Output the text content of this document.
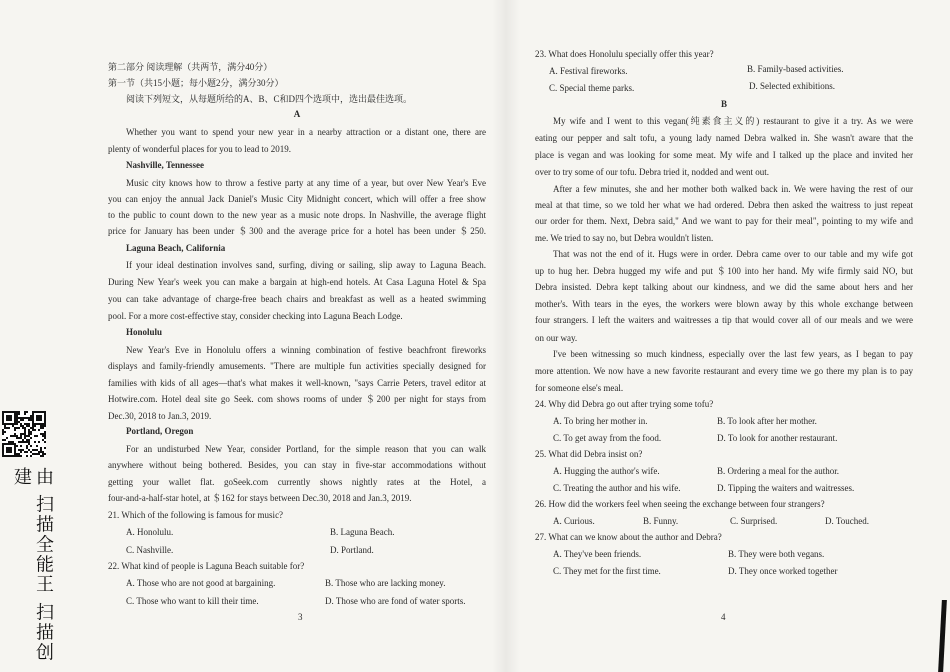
由 扫描全能王 扫描创建
第二部分 阅读理解（共两节，满分40分）
第一节（共15小题；每小题2分，满分30分）
阅读下列短文，从每题所给的A、B、C和D四个选项中，选出最佳选项。
A
Whether you want to spend your new year in a nearby attraction or a distant one, there are
plenty of wonderful places for you to lead to 2019.
Nashville, Tennessee
Music city knows how to throw a festive party at any time of a year, but over New Year's Eve
you can enjoy the annual Jack Daniel's Music City Midnight concert, which will offer a free show
to the public to count down to the new year as a music note drops. In Nashville, the average flight
price for January has been under ＄300 and the average price for a hotel has been under ＄250.
Laguna Beach, California
If your ideal destination involves sand, surfing, diving or sailing, slip away to Laguna Beach.
During New Year's week you can make a bargain at high-end hotels. At Casa Laguna Hotel & Spa
you can take advantage of charge-free beach chairs and breakfast as well as a heated swimming
pool. For a more cost-effective stay, consider checking into Laguna Beach Lodge.
Honolulu
New Year's Eve in Honolulu offers a winning combination of festive beachfront fireworks
displays and family-friendly amusements. "There are multiple fun activities specially designed for
families with kids of all ages—that's what makes it well-known, "says Carrie Peters, travel editor at
Hotwire.com. Hotel deal site go Seek. com shows rooms of under ＄200 per night for stays from
Dec.30, 2018 to Jan.3, 2019.
Portland, Oregon
For an undisturbed New Year, consider Portland, for the simple reason that you can walk
anywhere without being bothered. Besides, you can stay in five-star accommodations without
getting your wallet flat. goSeek.com currently shows nightly rates at the Hotel, a
four-and-a-half-star hotel, at ＄162 for stays between Dec.30, 2018 and Jan.3, 2019.
21. Which of the following is famous for music?
A. Honolulu.	B. Laguna Beach.
C. Nashville.	D. Portland.
22. What kind of people is Laguna Beach suitable for?
A. Those who are not good at bargaining.	B. Those who are lacking money.
C. Those who want to kill their time.	D. Those who are fond of water sports.
3
23. What does Honolulu specially offer this year?
A. Festival fireworks.	B. Family-based activities.
C. Special theme parks.	D. Selected exhibitions.
B
My wife and I went to this vegan(纯素食主义的) restaurant to give it a try. As we were
eating our pepper and salt tofu, a young lady named Debra walked in. She wasn't aware that the
place is vegan and was looking for some meat. My wife and I talked up the place and invited her
over to try some of our tofu. Debra tried it, nodded and went out.
After a few minutes, she and her mother both walked back in. We were having the rest of our
meal at that time, so we told her what we had ordered. Debra then asked the waitress to just repeat
our order for them. Next, Debra said," And we want to pay for their meal", pointing to my wife and
me. We tried to say no, but Debra wouldn't listen.
That was not the end of it. Hugs were in order. Debra came over to our table and my wife got
up to hug her. Debra hugged my wife and put ＄100 into her hand. My wife firmly said NO, but
Debra insisted. Debra kept talking about our kindness, and we did the same about hers and her
mother's. With tears in the eyes, the workers were blown away by this whole exchange between
four strangers. I left the waiters and waitresses a tip that would cover all of our meals and we were
on our way.
I've been witnessing so much kindness, especially over the last few years, as I began to pay
more attention. We now have a new favorite restaurant and every time we go there my plan is to pay
for someone else's meal.
24. Why did Debra go out after trying some tofu?
A. To bring her mother in.	B. To look after her mother.
C. To get away from the food.	D. To look for another restaurant.
25. What did Debra insist on?
A. Hugging the author's wife.	B. Ordering a meal for the author.
C. Treating the author and his wife.	D. Tipping the waiters and waitresses.
26. How did the workers feel when seeing the exchange between four strangers?
A. Curious.	B. Funny.	C. Surprised.	D. Touched.
27. What can we know about the author and Debra?
A. They've been friends.	B. They were both vegans.
C. They met for the first time.	D. They once worked together
4
